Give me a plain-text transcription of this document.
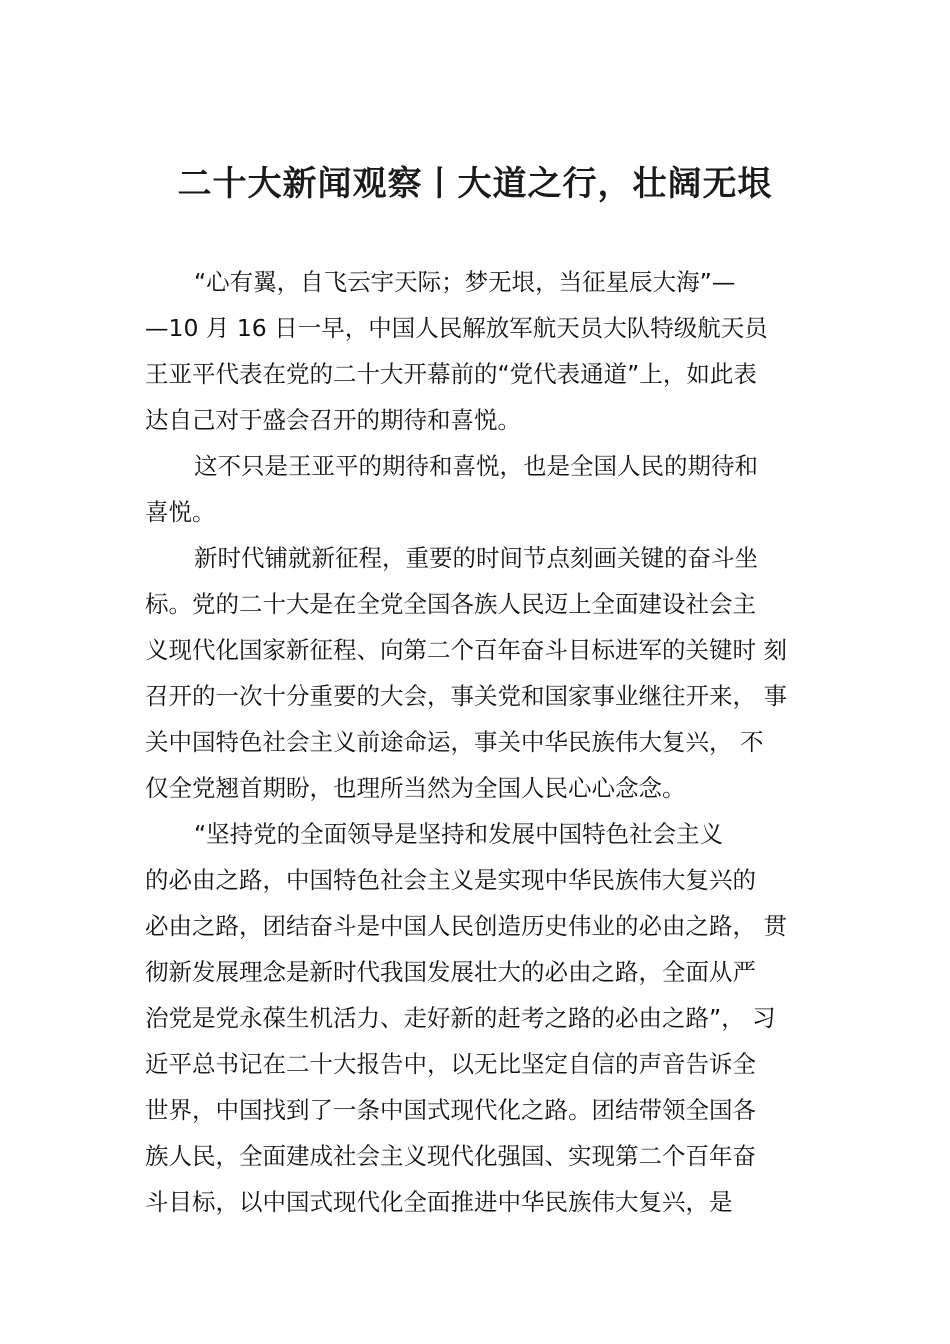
二十大新闻观察丨大道之行，壮阔无垠
“心有翼，自飞云宇天际；梦无垠，当征星辰大海”—
—10 月 16 日一早，中国人民解放军航天员大队特级航天员
王亚平代表在党的二十大开幕前的“党代表通道”上，如此表
达自己对于盛会召开的期待和喜悦。
这不只是王亚平的期待和喜悦，也是全国人民的期待和
喜悦。
新时代铺就新征程，重要的时间节点刻画关键的奋斗坐
标。党的二十大是在全党全国各族人民迈上全面建设社会主
义现代化国家新征程、向第二个百年奋斗目标进军的关键时 刻
召开的一次十分重要的大会，事关党和国家事业继往开来， 事
关中国特色社会主义前途命运，事关中华民族伟大复兴， 不
仅全党翘首期盼，也理所当然为全国人民心心念念。
“坚持党的全面领导是坚持和发展中国特色社会主义
的必由之路，中国特色社会主义是实现中华民族伟大复兴的
必由之路，团结奋斗是中国人民创造历史伟业的必由之路， 贯
彻新发展理念是新时代我国发展壮大的必由之路，全面从严
治党是党永葆生机活力、走好新的赶考之路的必由之路”， 习
近平总书记在二十大报告中，以无比坚定自信的声音告诉全
世界，中国找到了一条中国式现代化之路。团结带领全国各
族人民，全面建成社会主义现代化强国、实现第二个百年奋
斗目标，以中国式现代化全面推进中华民族伟大复兴，是
